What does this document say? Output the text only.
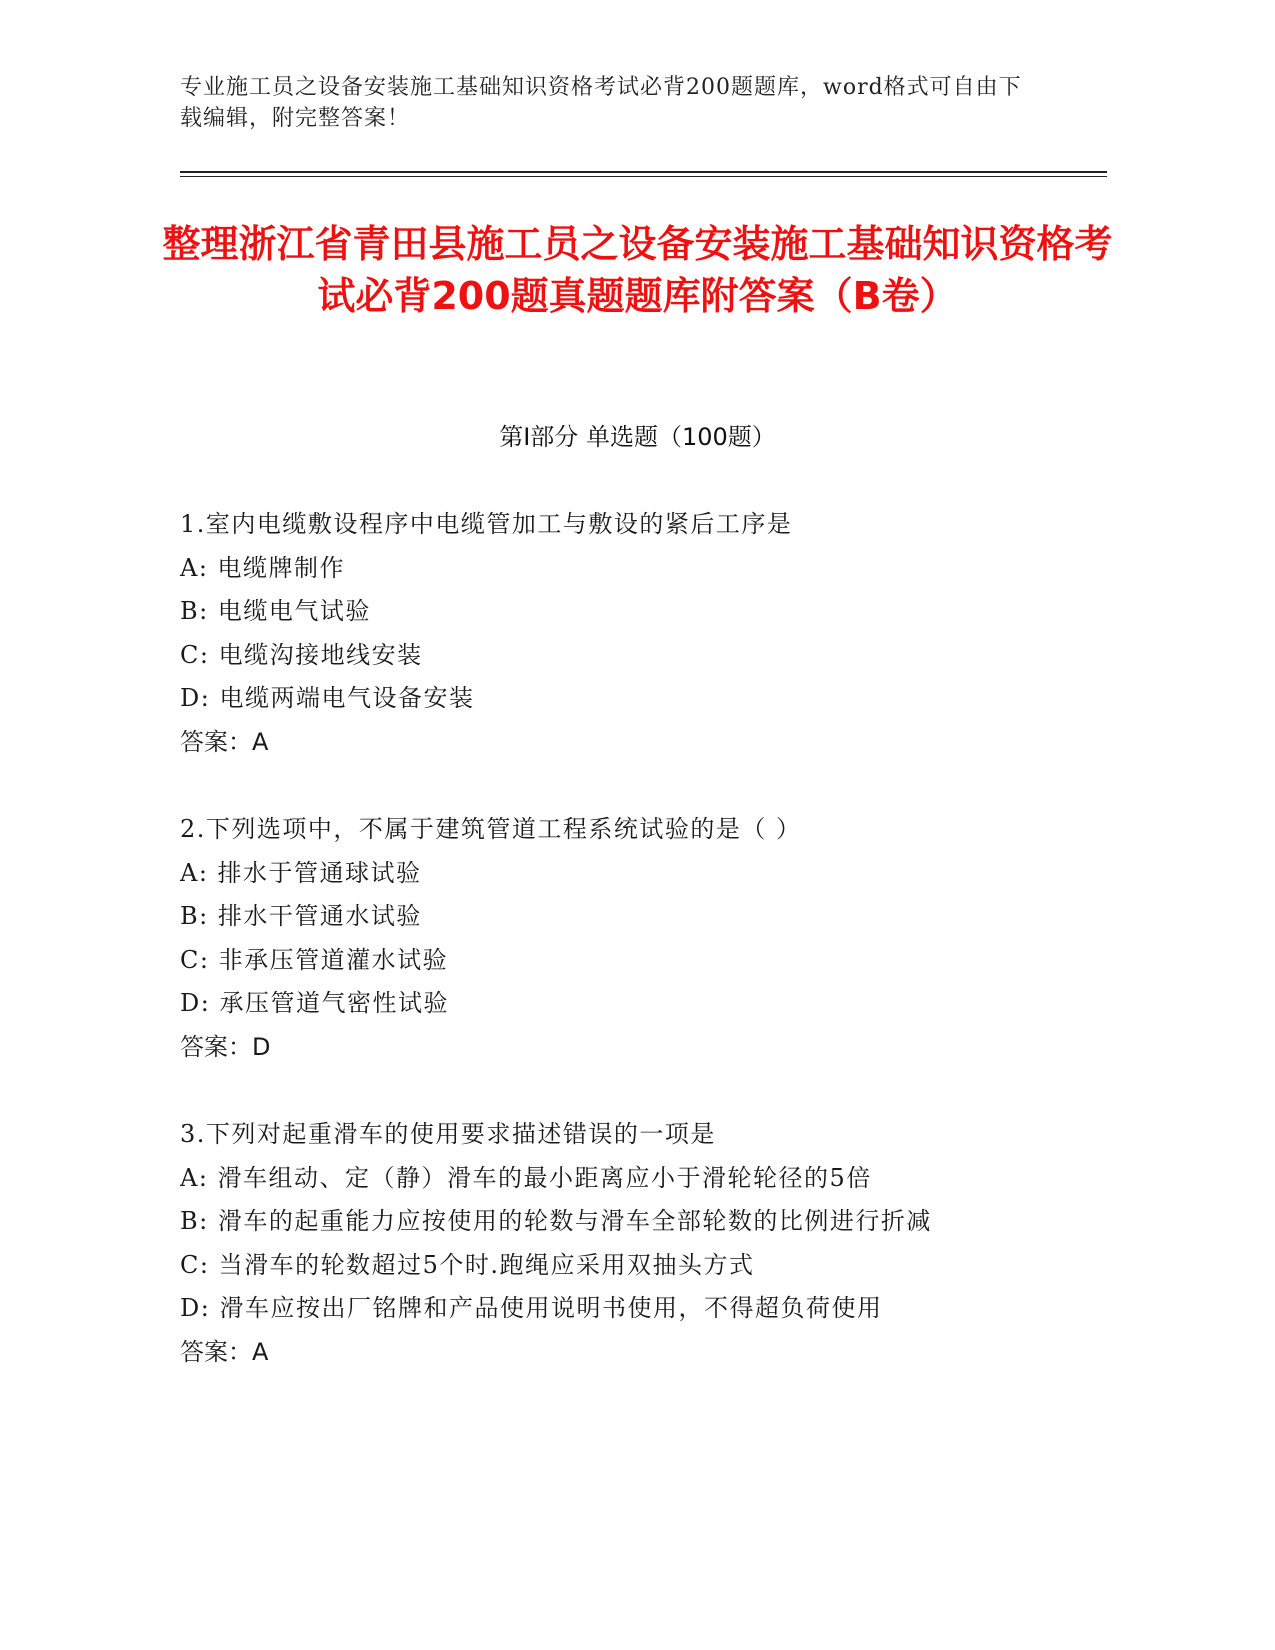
专业施工员之设备安装施工基础知识资格考试必背200题题库，word格式可自由下载编辑，附完整答案！
整理浙江省青田县施工员之设备安装施工基础知识资格考试必背200题真题题库附答案（B卷）
第I部分 单选题（100题）
1.室内电缆敷设程序中电缆管加工与敷设的紧后工序是
A: 电缆牌制作
B: 电缆电气试验
C: 电缆沟接地线安装
D: 电缆两端电气设备安装
答案：A
2.下列选项中，不属于建筑管道工程系统试验的是（ ）
A: 排水于管通球试验
B: 排水干管通水试验
C: 非承压管道灌水试验
D: 承压管道气密性试验
答案：D
3.下列对起重滑车的使用要求描述错误的一项是
A: 滑车组动、定（静）滑车的最小距离应小于滑轮轮径的5倍
B: 滑车的起重能力应按使用的轮数与滑车全部轮数的比例进行折减
C: 当滑车的轮数超过5个时.跑绳应采用双抽头方式
D: 滑车应按出厂铭牌和产品使用说明书使用，不得超负荷使用
答案：A
